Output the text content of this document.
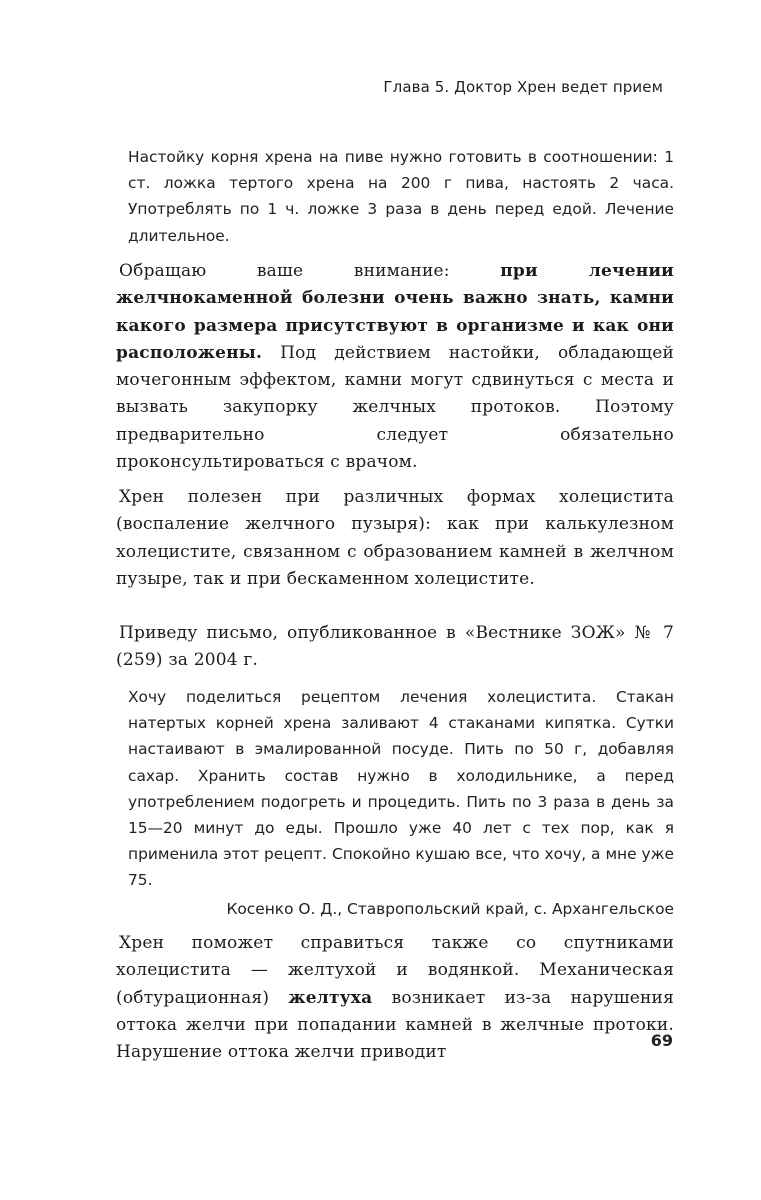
Глава 5. Доктор Хрен ведет прием

Настойку корня хрена на пиве нужно готовить в соотношении: 1 ст. ложка тертого хрена на 200 г пива, настоять 2 часа. Употреблять по 1 ч. ложке 3 раза в день перед едой. Лечение длительное.

Обращаю ваше внимание: при лечении желчнокаменной болезни очень важно знать, камни какого размера присутствуют в организме и как они расположены. Под действием настойки, обладающей мочегонным эффектом, камни могут сдвинуться с места и вызвать закупорку желчных протоков. Поэтому предварительно следует обязательно проконсультироваться с врачом.

Хрен полезен при различных формах холецистита (воспаление желчного пузыря): как при калькулезном холецистите, связанном с образованием камней в желчном пузыре, так и при бескаменном холецистите.

Приведу письмо, опубликованное в «Вестнике ЗОЖ» № 7 (259) за 2004 г.

Хочу поделиться рецептом лечения холецистита. Стакан натертых корней хрена заливают 4 стаканами кипятка. Сутки настаивают в эмалированной посуде. Пить по 50 г, добавляя сахар. Хранить состав нужно в холодильнике, а перед употреблением подогреть и процедить. Пить по 3 раза в день за 15—20 минут до еды. Прошло уже 40 лет с тех пор, как я применила этот рецепт. Спокойно кушаю все, что хочу, а мне уже 75.

Косенко О. Д., Ставропольский край, с. Архангельское

Хрен поможет справиться также со спутниками холецистита — желтухой и водянкой. Механическая (обтурационная) желтуха возникает из-за нарушения оттока желчи при попадании камней в желчные протоки. Нарушение оттока желчи приводит

69
